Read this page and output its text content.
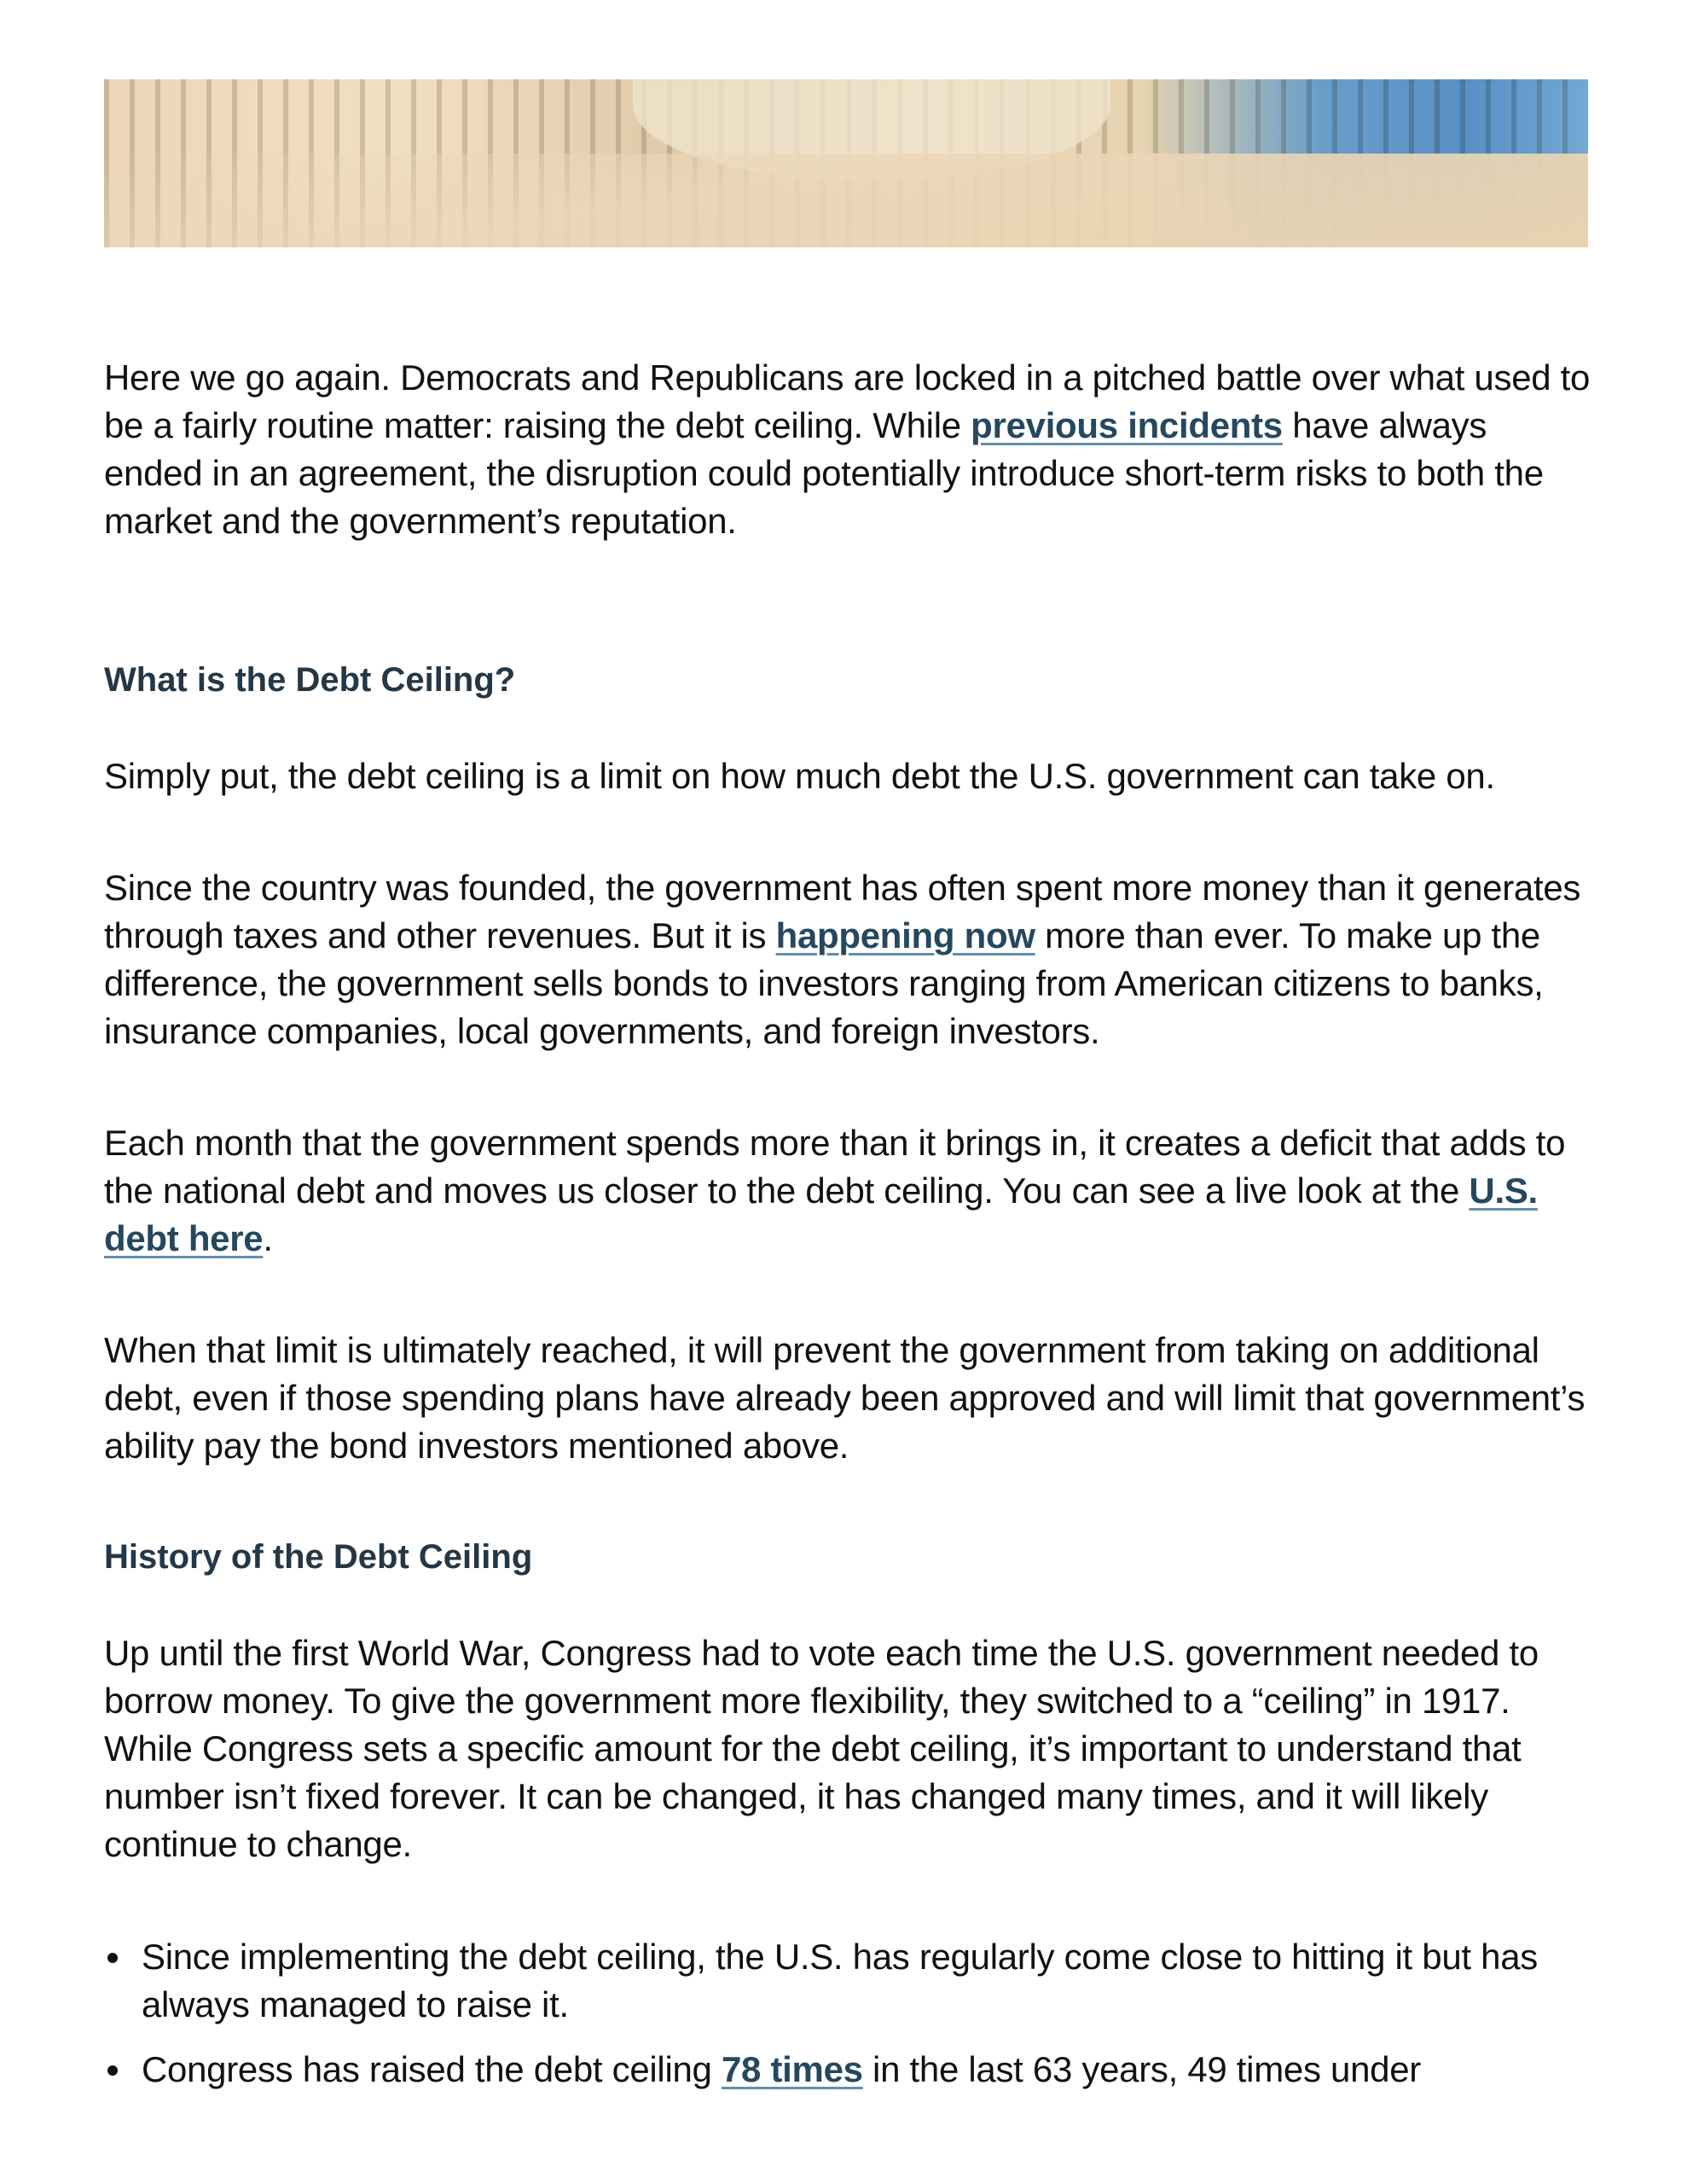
Here we go again. Democrats and Republicans are locked in a pitched battle over what used to be a fairly routine matter: raising the debt ceiling. While previous incidents have always ended in an agreement, the disruption could potentially introduce short-term risks to both the market and the government’s reputation.

What is the Debt Ceiling?

Simply put, the debt ceiling is a limit on how much debt the U.S. government can take on.

Since the country was founded, the government has often spent more money than it generates through taxes and other revenues. But it is happening now more than ever. To make up the difference, the government sells bonds to investors ranging from American citizens to banks, insurance companies, local governments, and foreign investors.

Each month that the government spends more than it brings in, it creates a deficit that adds to the national debt and moves us closer to the debt ceiling. You can see a live look at the U.S. debt here.

When that limit is ultimately reached, it will prevent the government from taking on additional debt, even if those spending plans have already been approved and will limit that government’s ability pay the bond investors mentioned above.

History of the Debt Ceiling

Up until the first World War, Congress had to vote each time the U.S. government needed to borrow money. To give the government more flexibility, they switched to a “ceiling” in 1917. While Congress sets a specific amount for the debt ceiling, it’s important to understand that number isn’t fixed forever. It can be changed, it has changed many times, and it will likely continue to change.

Since implementing the debt ceiling, the U.S. has regularly come close to hitting it but has always managed to raise it.
Congress has raised the debt ceiling 78 times in the last 63 years, 49 times under
